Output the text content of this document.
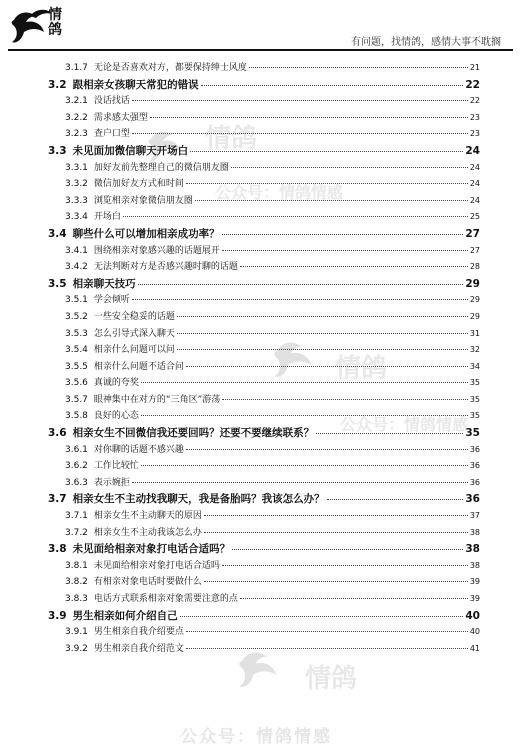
情
鸽
有问题，找情鸽，感情大事不耽搁
情鸽
公众号：情鸽情感
情鸽
公众号：情鸽情感
情鸽
公众号：情鸽情感
3.1.7 无论是否喜欢对方，都要保持绅士风度	21
3.2 跟相亲女孩聊天常犯的错误	22
3.2.1 没话找话	22
3.2.2 需求感太强型	23
3.2.3 查户口型	23
3.3 未见面加微信聊天开场白	24
3.3.1 加好友前先整理自己的微信朋友圈	24
3.3.2 微信加好友方式和时间	24
3.3.3 浏览相亲对象微信朋友圈	24
3.3.4 开场白	25
3.4 聊些什么可以增加相亲成功率？	27
3.4.1 围绕相亲对象感兴趣的话题展开	27
3.4.2 无法判断对方是否感兴趣时聊的话题	28
3.5 相亲聊天技巧	29
3.5.1 学会倾听	29
3.5.2 一些安全稳妥的话题	29
3.5.3 怎么引导式深入聊天	31
3.5.4 相亲什么问题可以问	32
3.5.5 相亲什么问题不适合问	34
3.5.6 真诚的夸奖	35
3.5.7 眼神集中在对方的“三角区”游荡	35
3.5.8 良好的心态	35
3.6 相亲女生不回微信我还要回吗？还要不要继续联系？	35
3.6.1 对你聊的话题不感兴趣	36
3.6.2 工作比较忙	36
3.6.3 表示婉拒	36
3.7 相亲女生不主动找我聊天，我是备胎吗？我该怎么办？	36
3.7.1 相亲女生不主动聊天的原因	37
3.7.2 相亲女生不主动我该怎么办	38
3.8 未见面给相亲对象打电话合适吗？	38
3.8.1 未见面给相亲对象打电话合适吗	38
3.8.2 有相亲对象电话时要做什么	39
3.8.3 电话方式联系相亲对象需要注意的点	39
3.9 男生相亲如何介绍自己	40
3.9.1 男生相亲自我介绍要点	40
3.9.2 男生相亲自我介绍范文	41
